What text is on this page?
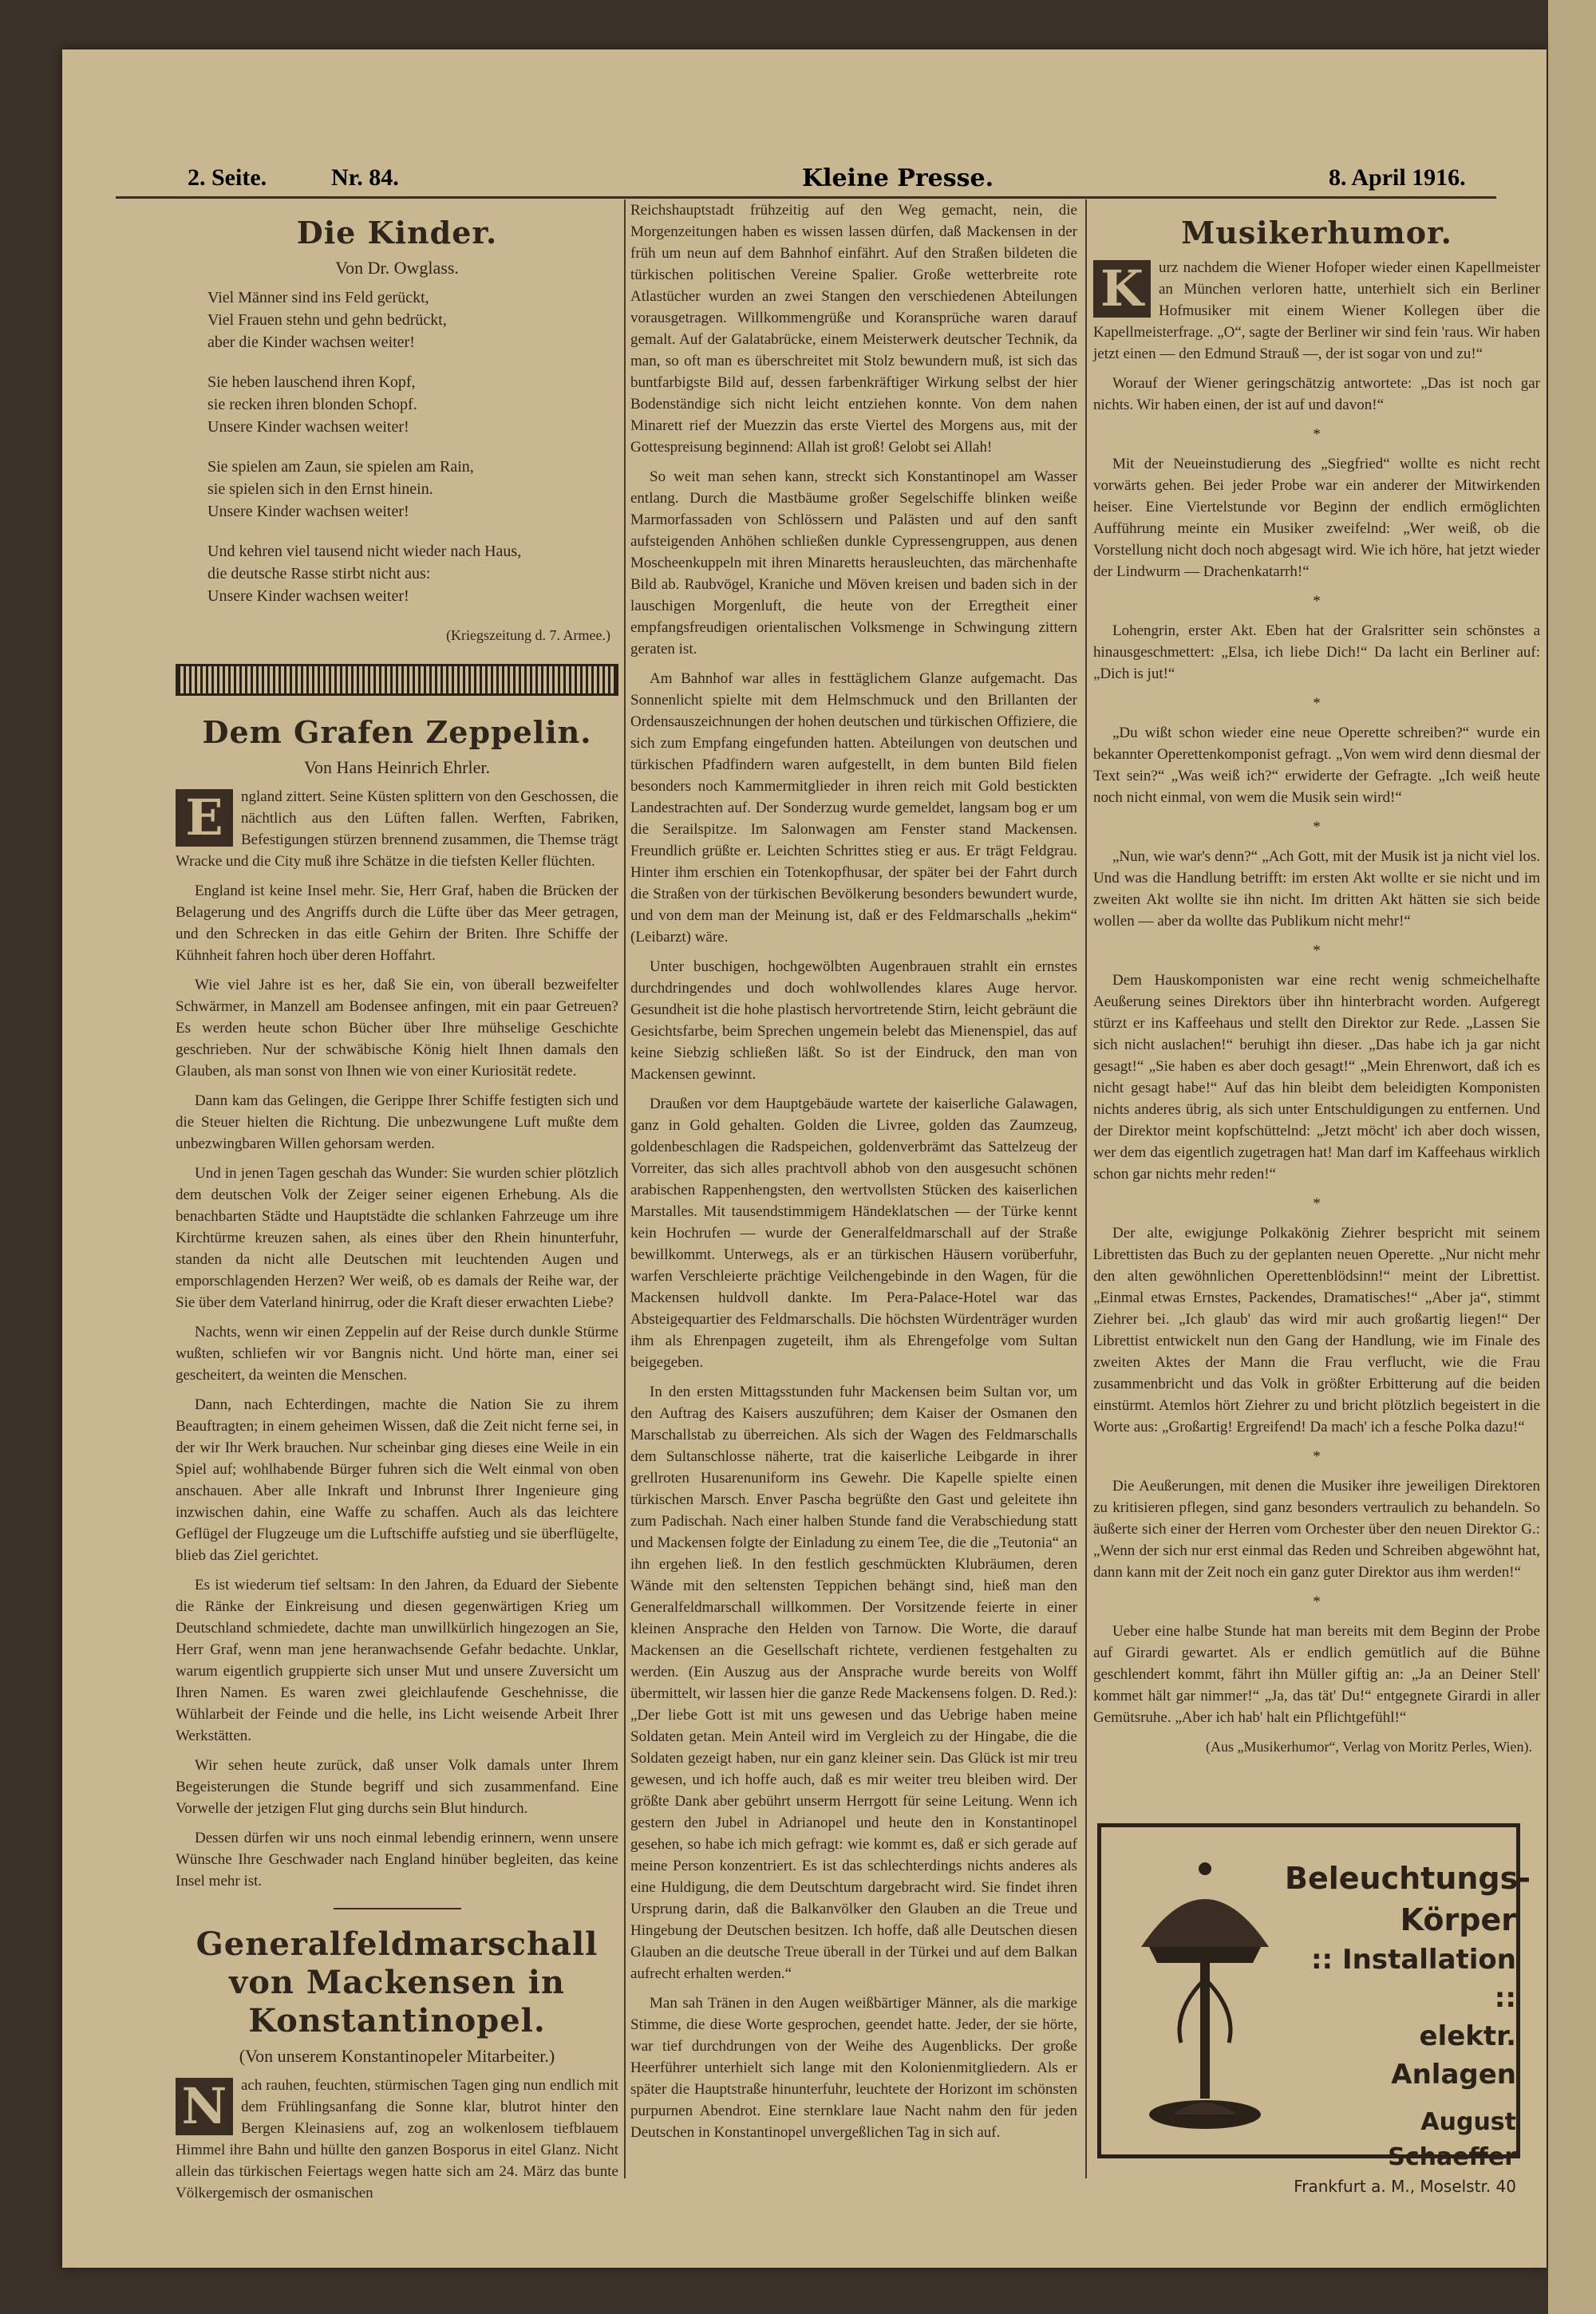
2. Seite.	Nr. 84.	Kleine Presse.	8. April 1916.
Die Kinder.
Von Dr. Owglass.
Viel Männer sind ins Feld gerückt,
Viel Frauen stehn und gehn bedrückt,
aber die Kinder wachsen weiter!
Sie heben lauschend ihren Kopf,
sie recken ihren blonden Schopf.
Unsere Kinder wachsen weiter!
Sie spielen am Zaun, sie spielen am Rain,
sie spielen sich in den Ernst hinein.
Unsere Kinder wachsen weiter!
Und kehren viel tausend nicht wieder nach Haus,
die deutsche Rasse stirbt nicht aus:
Unsere Kinder wachsen weiter!
(Kriegszeitung d. 7. Armee.)
Dem Grafen Zeppelin.
Von Hans Heinrich Ehrler.
E	ngland zittert. Seine Küsten splittern von den Geschossen, die nächtlich aus den Lüften fallen. Werften, Fabriken, Befestigungen stürzen brennend zusammen, die Themse trägt Wracke und die City muß ihre Schätze in die tiefsten Keller flüchten.

England ist keine Insel mehr. Sie, Herr Graf, haben die Brücken der Belagerung und des Angriffs durch die Lüfte über das Meer getragen, und den Schrecken in das eitle Gehirn der Briten. Ihre Schiffe der Kühnheit fahren hoch über deren Hoffahrt.

Wie viel Jahre ist es her, daß Sie ein, von überall bezweifelter Schwärmer, in Manzell am Bodensee anfingen, mit ein paar Getreuen? Es werden heute schon Bücher über Ihre mühselige Geschichte geschrieben. Nur der schwäbische König hielt Ihnen damals den Glauben, als man sonst von Ihnen wie von einer Kuriosität redete.

Dann kam das Gelingen, die Gerippe Ihrer Schiffe festigten sich und die Steuer hielten die Richtung. Die unbezwungene Luft mußte dem unbezwingbaren Willen gehorsam werden.

Und in jenen Tagen geschah das Wunder: Sie wurden schier plötzlich dem deutschen Volk der Zeiger seiner eigenen Erhebung. Als die benachbarten Städte und Hauptstädte die schlanken Fahrzeuge um ihre Kirchtürme kreuzen sahen, als eines über den Rhein hinunterfuhr, standen da nicht alle Deutschen mit leuchtenden Augen und emporschlagenden Herzen? Wer weiß, ob es damals der Reihe war, der Sie über dem Vaterland hinirrug, oder die Kraft dieser erwachten Liebe?

Nachts, wenn wir einen Zeppelin auf der Reise durch dunkle Stürme wußten, schliefen wir vor Bangnis nicht. Und hörte man, einer sei gescheitert, da weinten die Menschen.

Dann, nach Echterdingen, machte die Nation Sie zu ihrem Beauftragten; in einem geheimen Wissen, daß die Zeit nicht ferne sei, in der wir Ihr Werk brauchen. Nur scheinbar ging dieses eine Weile in ein Spiel auf; wohlhabende Bürger fuhren sich die Welt einmal von oben anschauen. Aber alle Inkraft und Inbrunst Ihrer Ingenieure ging inzwischen dahin, eine Waffe zu schaffen. Auch als das leichtere Geflügel der Flugzeuge um die Luftschiffe aufstieg und sie überflügelte, blieb das Ziel gerichtet.

Es ist wiederum tief seltsam: In den Jahren, da Eduard der Siebente die Ränke der Einkreisung und diesen gegenwärtigen Krieg um Deutschland schmiedete, dachte man unwillkürlich hingezogen an Sie, Herr Graf, wenn man jene heranwachsende Gefahr bedachte. Unklar, warum eigentlich gruppierte sich unser Mut und unsere Zuversicht um Ihren Namen. Es waren zwei gleichlaufende Geschehnisse, die Wühlarbeit der Feinde und die helle, ins Licht weisende Arbeit Ihrer Werkstätten.

Wir sehen heute zurück, daß unser Volk damals unter Ihrem Begeisterungen die Stunde begriff und sich zusammenfand. Eine Vorwelle der jetzigen Flut ging durchs sein Blut hindurch.

Dessen dürfen wir uns noch einmal lebendig erinnern, wenn unsere Wünsche Ihre Geschwader nach England hinüber begleiten, das keine Insel mehr ist.

Generalfeldmarschall von Mackensen in Konstantinopel.
(Von unserem Konstantinopeler Mitarbeiter.)
N ach rauhen, feuchten, stürmischen Tagen ging nun endlich mit dem Frühlingsanfang die Sonne klar, blutrot hinter den Bergen Kleinasiens auf, zog an wolkenlosem tiefblauem Himmel ihre Bahn und hüllte den ganzen Bosporus in eitel Glanz. Nicht allein das türkischen Feiertags wegen hatte sich am 24. März das bunte Völkergemisch der osmanischen

Reichshauptstadt frühzeitig auf den Weg gemacht, nein, die Morgenzeitungen haben es wissen lassen dürfen, daß Mackensen in der früh um neun auf dem Bahnhof einfährt. Auf den Straßen bildeten die türkischen politischen Vereine Spalier. Große wetterbreite rote Atlastücher wurden an zwei Stangen den verschiedenen Abteilungen vorausgetragen. Willkommengrüße und Koransprüche waren darauf gemalt. Auf der Galatabrücke, einem Meisterwerk deutscher Technik, da man, so oft man es überschreitet mit Stolz bewundern muß, ist sich das buntfarbigste Bild auf, dessen farbenkräftiger Wirkung selbst der hier Bodenständige sich nicht leicht entziehen konnte. Von dem nahen Minarett rief der Muezzin das erste Viertel des Morgens aus, mit der Gottespreisung beginnend: Allah ist groß! Gelobt sei Allah!

So weit man sehen kann, streckt sich Konstantinopel am Wasser entlang. Durch die Mastbäume großer Segelschiffe blinken weiße Marmorfassaden von Schlössern und Palästen und auf den sanft aufsteigenden Anhöhen schließen dunkle Cypressengruppen, aus denen Moscheenkuppeln mit ihren Minaretts herausleuchten, das märchenhafte Bild ab. Raubvögel, Kraniche und Möven kreisen und baden sich in der lauschigen Morgenluft, die heute von der Erregtheit einer empfangsfreudigen orientalischen Volksmenge in Schwingung zittern geraten ist.

Am Bahnhof war alles in festtäglichem Glanze aufgemacht. Das Sonnenlicht spielte mit dem Helmschmuck und den Brillanten der Ordensauszeichnungen der hohen deutschen und türkischen Offiziere, die sich zum Empfang eingefunden hatten. Abteilungen von deutschen und türkischen Pfadfindern waren aufgestellt, in dem bunten Bild fielen besonders noch Kammermitglieder in ihren reich mit Gold bestickten Landestrachten auf. Der Sonderzug wurde gemeldet, langsam bog er um die Serailspitze. Im Salonwagen am Fenster stand Mackensen. Freundlich grüßte er. Leichten Schrittes stieg er aus. Er trägt Feldgrau. Hinter ihm erschien ein Totenkopfhusar, der später bei der Fahrt durch die Straßen von der türkischen Bevölkerung besonders bewundert wurde, und von dem man der Meinung ist, daß er des Feldmarschalls „hekim“ (Leibarzt) wäre.

Unter buschigen, hochgewölbten Augenbrauen strahlt ein ernstes durchdringendes und doch wohlwollendes klares Auge hervor. Gesundheit ist die hohe plastisch hervortretende Stirn, leicht gebräunt die Gesichtsfarbe, beim Sprechen ungemein belebt das Mienenspiel, das auf keine Siebzig schließen läßt. So ist der Eindruck, den man von Mackensen gewinnt.

Draußen vor dem Hauptgebäude wartete der kaiserliche Galawagen, ganz in Gold gehalten. Golden die Livree, golden das Zaumzeug, goldenbeschlagen die Radspeichen, goldenverbrämt das Sattelzeug der Vorreiter, das sich alles prachtvoll abhob von den ausgesucht schönen arabischen Rappenhengsten, den wertvollsten Stücken des kaiserlichen Marstalles. Mit tausendstimmigem Händeklatschen — der Türke kennt kein Hochrufen — wurde der Generalfeldmarschall auf der Straße bewillkommt. Unterwegs, als er an türkischen Häusern vorüberfuhr, warfen Verschleierte prächtige Veilchengebinde in den Wagen, für die Mackensen huldvoll dankte. Im Pera-Palace-Hotel war das Absteigequartier des Feldmarschalls. Die höchsten Würdenträger wurden ihm als Ehrenpagen zugeteilt, ihm als Ehrengefolge vom Sultan beigegeben.

In den ersten Mittagsstunden fuhr Mackensen beim Sultan vor, um den Auftrag des Kaisers auszuführen; dem Kaiser der Osmanen den Marschallstab zu überreichen. Als sich der Wagen des Feldmarschalls dem Sultanschlosse näherte, trat die kaiserliche Leibgarde in ihrer grellroten Husarenuniform ins Gewehr. Die Kapelle spielte einen türkischen Marsch. Enver Pascha begrüßte den Gast und geleitete ihn zum Padischah. Nach einer halben Stunde fand die Verabschiedung statt und Mackensen folgte der Einladung zu einem Tee, die die „Teutonia“ an ihn ergehen ließ. In den festlich geschmückten Klubräumen, deren Wände mit den seltensten Teppichen behängt sind, hieß man den Generalfeldmarschall willkommen. Der Vorsitzende feierte in einer kleinen Ansprache den Helden von Tarnow. Die Worte, die darauf Mackensen an die Gesellschaft richtete, verdienen festgehalten zu werden. (Ein Auszug aus der Ansprache wurde bereits von Wolff übermittelt, wir lassen hier die ganze Rede Mackensens folgen. D. Red.): „Der liebe Gott ist mit uns gewesen und das Uebrige haben meine Soldaten getan. Mein Anteil wird im Vergleich zu der Hingabe, die die Soldaten gezeigt haben, nur ein ganz kleiner sein. Das Glück ist mir treu gewesen, und ich hoffe auch, daß es mir weiter treu bleiben wird. Der größte Dank aber gebührt unserm Herrgott für seine Leitung. Wenn ich gestern den Jubel in Adrianopel und heute den in Konstantinopel gesehen, so habe ich mich gefragt: wie kommt es, daß er sich gerade auf meine Person konzentriert. Es ist das schlechterdings nichts anderes als eine Huldigung, die dem Deutschtum dargebracht wird. Sie findet ihren Ursprung darin, daß die Balkanvölker den Glauben an die Treue und Hingebung der Deutschen besitzen. Ich hoffe, daß alle Deutschen diesen Glauben an die deutsche Treue überall in der Türkei und auf dem Balkan aufrecht erhalten werden.“

Man sah Tränen in den Augen weißbärtiger Männer, als die markige Stimme, die diese Worte gesprochen, geendet hatte. Jeder, der sie hörte, war tief durchdrungen von der Weihe des Augenblicks. Der große Heerführer unterhielt sich lange mit den Kolonienmitgliedern. Als er später die Hauptstraße hinunterfuhr, leuchtete der Horizont im schönsten purpurnen Abendrot. Eine sternklare laue Nacht nahm den für jeden Deutschen in Konstantinopel unvergeßlichen Tag in sich auf.

Musikerhumor.
K	urz nachdem die Wiener Hofoper wieder einen Kapellmeister an München verloren hatte, unterhielt sich ein Berliner Hofmusiker mit einem Wiener Kollegen über die Kapellmeisterfrage. „O“, sagte der Berliner wir sind fein 'raus. Wir haben jetzt einen — den Edmund Strauß —, der ist sogar von und zu!“

Worauf der Wiener geringschätzig antwortete: „Das ist noch gar nichts. Wir haben einen, der ist auf und davon!“

*

Mit der Neueinstudierung des „Siegfried“ wollte es nicht recht vorwärts gehen. Bei jeder Probe war ein anderer der Mitwirkenden heiser. Eine Viertelstunde vor Beginn der endlich ermöglichten Aufführung meinte ein Musiker zweifelnd: „Wer weiß, ob die Vorstellung nicht doch noch abgesagt wird. Wie ich höre, hat jetzt wieder der Lindwurm — Drachenkatarrh!“

*

Lohengrin, erster Akt. Eben hat der Gralsritter sein schönstes a hinausgeschmettert: „Elsa, ich liebe Dich!“ Da lacht ein Berliner auf: „Dich is jut!“

*

„Du wißt schon wieder eine neue Operette schreiben?“ wurde ein bekannter Operettenkomponist gefragt. „Von wem wird denn diesmal der Text sein?“ „Was weiß ich?“ erwiderte der Gefragte. „Ich weiß heute noch nicht einmal, von wem die Musik sein wird!“

*

„Nun, wie war's denn?“ „Ach Gott, mit der Musik ist ja nicht viel los. Und was die Handlung betrifft: im ersten Akt wollte er sie nicht und im zweiten Akt wollte sie ihn nicht. Im dritten Akt hätten sie sich beide wollen — aber da wollte das Publikum nicht mehr!“

*

Dem Hauskomponisten war eine recht wenig schmeichelhafte Aeußerung seines Direktors über ihn hinterbracht worden. Aufgeregt stürzt er ins Kaffeehaus und stellt den Direktor zur Rede. „Lassen Sie sich nicht auslachen!“ beruhigt ihn dieser. „Das habe ich ja gar nicht gesagt!“ „Sie haben es aber doch gesagt!“ „Mein Ehrenwort, daß ich es nicht gesagt habe!“ Auf das hin bleibt dem beleidigten Komponisten nichts anderes übrig, als sich unter Entschuldigungen zu entfernen. Und der Direktor meint kopfschüttelnd: „Jetzt möcht' ich aber doch wissen, wer dem das eigentlich zugetragen hat! Man darf im Kaffeehaus wirklich schon gar nichts mehr reden!“

*

Der alte, ewigjunge Polkakönig Ziehrer bespricht mit seinem Librettisten das Buch zu der geplanten neuen Operette. „Nur nicht mehr den alten gewöhnlichen Operettenblödsinn!“ meint der Librettist. „Einmal etwas Ernstes, Packendes, Dramatisches!“ „Aber ja“, stimmt Ziehrer bei. „Ich glaub' das wird mir auch großartig liegen!“ Der Librettist entwickelt nun den Gang der Handlung, wie im Finale des zweiten Aktes der Mann die Frau verflucht, wie die Frau zusammenbricht und das Volk in größter Erbitterung auf die beiden einstürmt. Atemlos hört Ziehrer zu und bricht plötzlich begeistert in die Worte aus: „Großartig! Ergreifend! Da mach' ich a fesche Polka dazu!“

*

Die Aeußerungen, mit denen die Musiker ihre jeweiligen Direktoren zu kritisieren pflegen, sind ganz besonders vertraulich zu behandeln. So äußerte sich einer der Herren vom Orchester über den neuen Direktor G.: „Wenn der sich nur erst einmal das Reden und Schreiben abgewöhnt hat, dann kann mit der Zeit noch ein ganz guter Direktor aus ihm werden!“

*

Ueber eine halbe Stunde hat man bereits mit dem Beginn der Probe auf Girardi gewartet. Als er endlich gemütlich auf die Bühne geschlendert kommt, fährt ihn Müller giftig an: „Ja an Deiner Stell' kommet hält gar nimmer!“ „Ja, das tät' Du!“ entgegnete Girardi in aller Gemütsruhe. „Aber ich hab' halt ein Pflichtgefühl!“

(Aus „Musikerhumor“, Verlag von Moritz Perles, Wien).
Beleuchtungs-
Körper
:: Installation ::
elektr. Anlagen
August Schaeffer
Frankfurt a. M., Moselstr. 40
